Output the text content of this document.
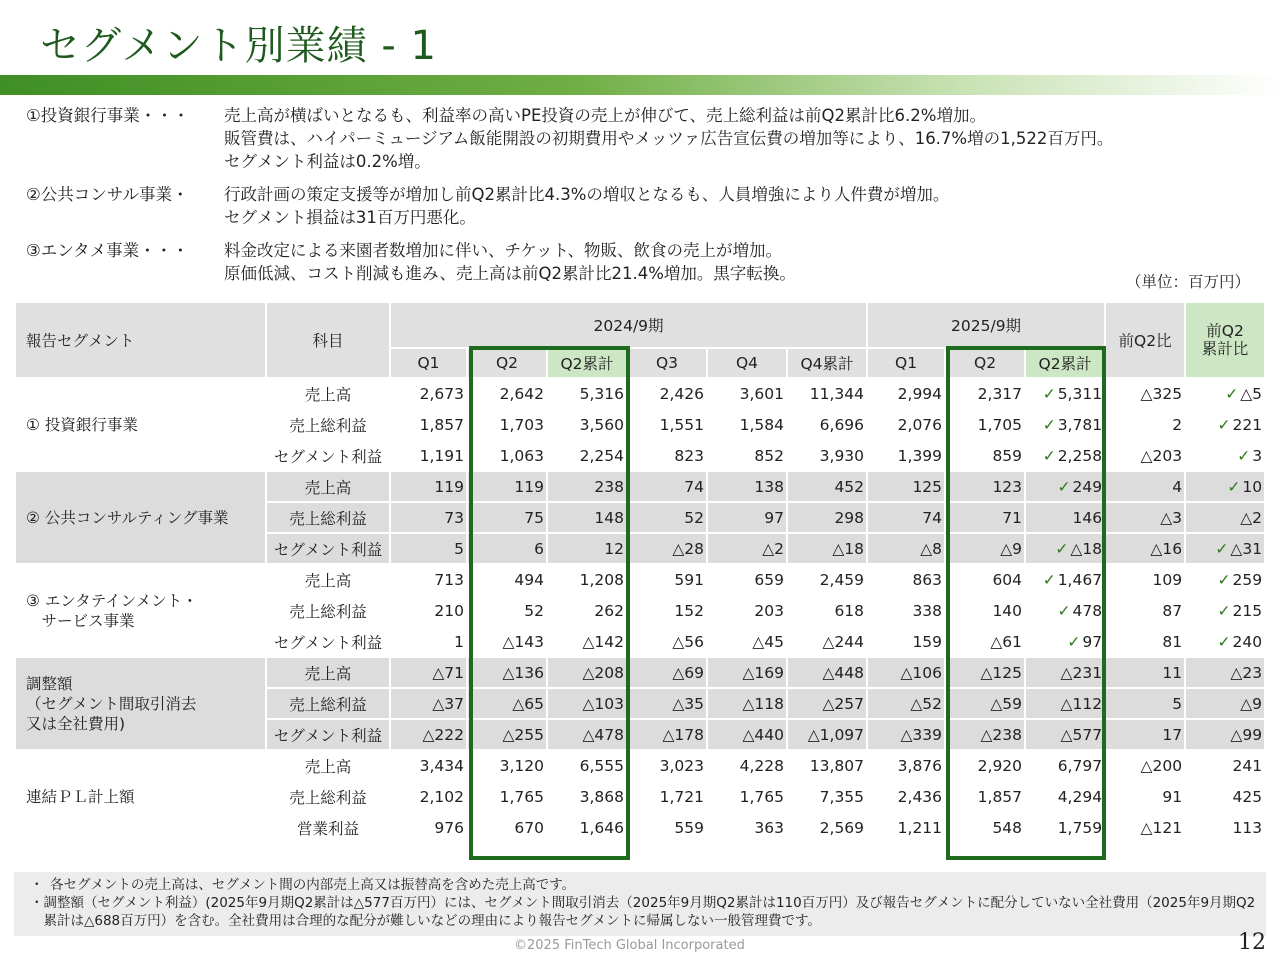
セグメント別業績 - 1
①投資銀行事業・・・	売上高が横ばいとなるも、利益率の高いPE投資の売上が伸びて、売上総利益は前Q2累計比6.2%増加。
販管費は、ハイパーミュージアム飯能開設の初期費用やメッツァ広告宣伝費の増加等により、16.7%増の1,522百万円。
セグメント利益は0.2%増。
②公共コンサル事業・	行政計画の策定支援等が増加し前Q2累計比4.3%の増収となるも、人員増強により人件費が増加。
セグメント損益は31百万円悪化。
③エンタメ事業・・・	料金改定による来園者数増加に伴い、チケット、物販、飲食の売上が増加。
原価低減、コスト削減も進み、売上高は前Q2累計比21.4%増加。黒字転換。	（単位：百万円）
報告セグメント	科目	2024/9期						2025/9期			前Q2比	前Q2
累計比

		Q1	Q2	Q2累計	Q3	Q4	Q4累計	Q1	Q2	Q2累計		

① 投資銀行事業	売上高	2,673	2,642	5,316	2,426	3,601	11,344	2,994	2,317	✓ 5,311	△325	✓ △5
	売上総利益	1,857	1,703	3,560	1,551	1,584	6,696	2,076	1,705	✓ 3,781	2	✓ 221
	セグメント利益	1,191	1,063	2,254	823	852	3,930	1,399	859	✓ 2,258	△203	✓ 3

② 公共コンサルティング事業	売上高	119	119	238	74	138	452	125	123	✓ 249	4	✓ 10
	売上総利益	73	75	148	52	97	298	74	71	146	△3	△2
	セグメント利益	5	6	12	△28	△2	△18	△8	△9	✓ △18	△16	✓ △31

③ エンタテインメント・
　サービス事業	売上高	713	494	1,208	591	659	2,459	863	604	✓ 1,467	109	✓ 259
	売上総利益	210	52	262	152	203	618	338	140	✓ 478	87	✓ 215
	セグメント利益	1	△143	△142	△56	△45	△244	159	△61	✓ 97	81	✓ 240

調整額
（セグメント間取引消去
又は全社費用)	売上高	△71	△136	△208	△69	△169	△448	△106	△125	△231	11	△23
	売上総利益	△37	△65	△103	△35	△118	△257	△52	△59	△112	5	△9
	セグメント利益	△222	△255	△478	△178	△440	△1,097	△339	△238	△577	17	△99

連結ＰＬ計上額	売上高	3,434	3,120	6,555	3,023	4,228	13,807	3,876	2,920	6,797	△200	241
	売上総利益	2,102	1,765	3,868	1,721	1,765	7,355	2,436	1,857	4,294	91	425
	営業利益	976	670	1,646	559	363	2,569	1,211	548	1,759	△121	113
・ 各セグメントの売上高は、セグメント間の内部売上高又は振替高を含めた売上高です。
・ 調整額（セグメント利益）(2025年9月期Q2累計は△577百万円）には、セグメント間取引消去（2025年9月期Q2累計は110百万円）及び報告セグメントに配分していない全社費用（2025年9月期Q2累計は△688百万円）を含む。全社費用は合理的な配分が難しいなどの理由により報告セグメントに帰属しない一般管理費です。
©2025 FinTech Global Incorporated	12
